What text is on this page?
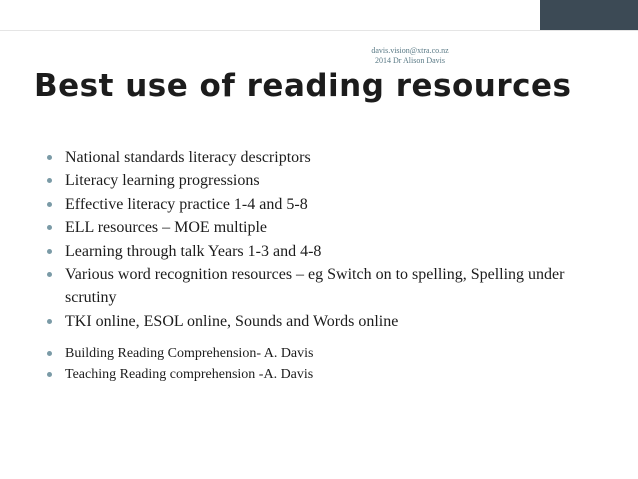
davis.vision@xtra.co.nz
2014 Dr Alison Davis
Best use of reading resources
National standards literacy descriptors
Literacy learning progressions
Effective literacy practice 1-4 and 5-8
ELL resources – MOE multiple
Learning through talk Years 1-3 and 4-8
Various word recognition resources – eg Switch on to spelling, Spelling under scrutiny
TKI online, ESOL online, Sounds and Words online
Building Reading Comprehension- A. Davis
Teaching Reading comprehension -A. Davis
